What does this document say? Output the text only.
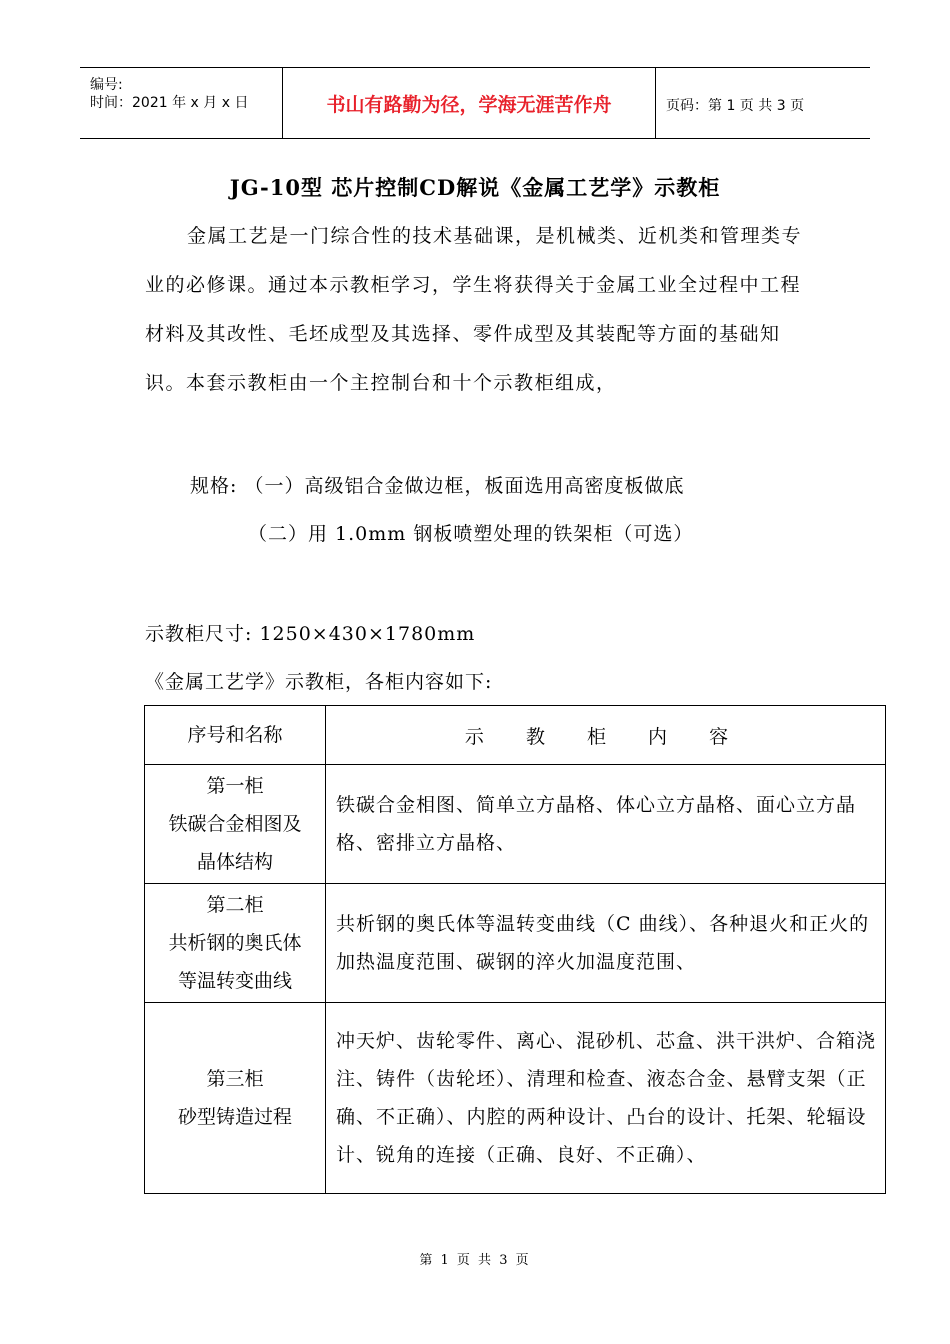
编号:
时间：2021 年 x 月 x 日	书山有路勤为径，学海无涯苦作舟	页码：第 1 页 共 3 页
JG-10型 芯片控制CD解说《金属工艺学》示教柜
金属工艺是一门综合性的技术基础课，是机械类、近机类和管理类专业的必修课。通过本示教柜学习，学生将获得关于金属工业全过程中工程材料及其改性、毛坯成型及其选择、零件成型及其装配等方面的基础知识。本套示教柜由一个主控制台和十个示教柜组成，
规格: （一）高级铝合金做边框，板面选用高密度板做底
（二）用 1.0mm 钢板喷塑处理的铁架柜（可选）
示教柜尺寸: 1250×430×1780mm
《金属工艺学》示教柜，各柜内容如下:
序号和名称	示 教 柜 内 容

第一柜
铁碳合金相图及
晶体结构	铁碳合金相图、简单立方晶格、体心立方晶格、面心立方晶格、密排立方晶格、

第二柜
共析钢的奥氏体
等温转变曲线	共析钢的奥氏体等温转变曲线（C 曲线）、各种退火和正火的加热温度范围、碳钢的淬火加温度范围、

第三柜
砂型铸造过程	冲天炉、齿轮零件、离心、混砂机、芯盒、洪干洪炉、合箱浇注、铸件（齿轮坯）、清理和检查、液态合金、悬臂支架（正确、不正确）、内腔的两种设计、凸台的设计、托架、轮辐设计、锐角的连接（正确、良好、不正确）、
第 1 页 共 3 页
